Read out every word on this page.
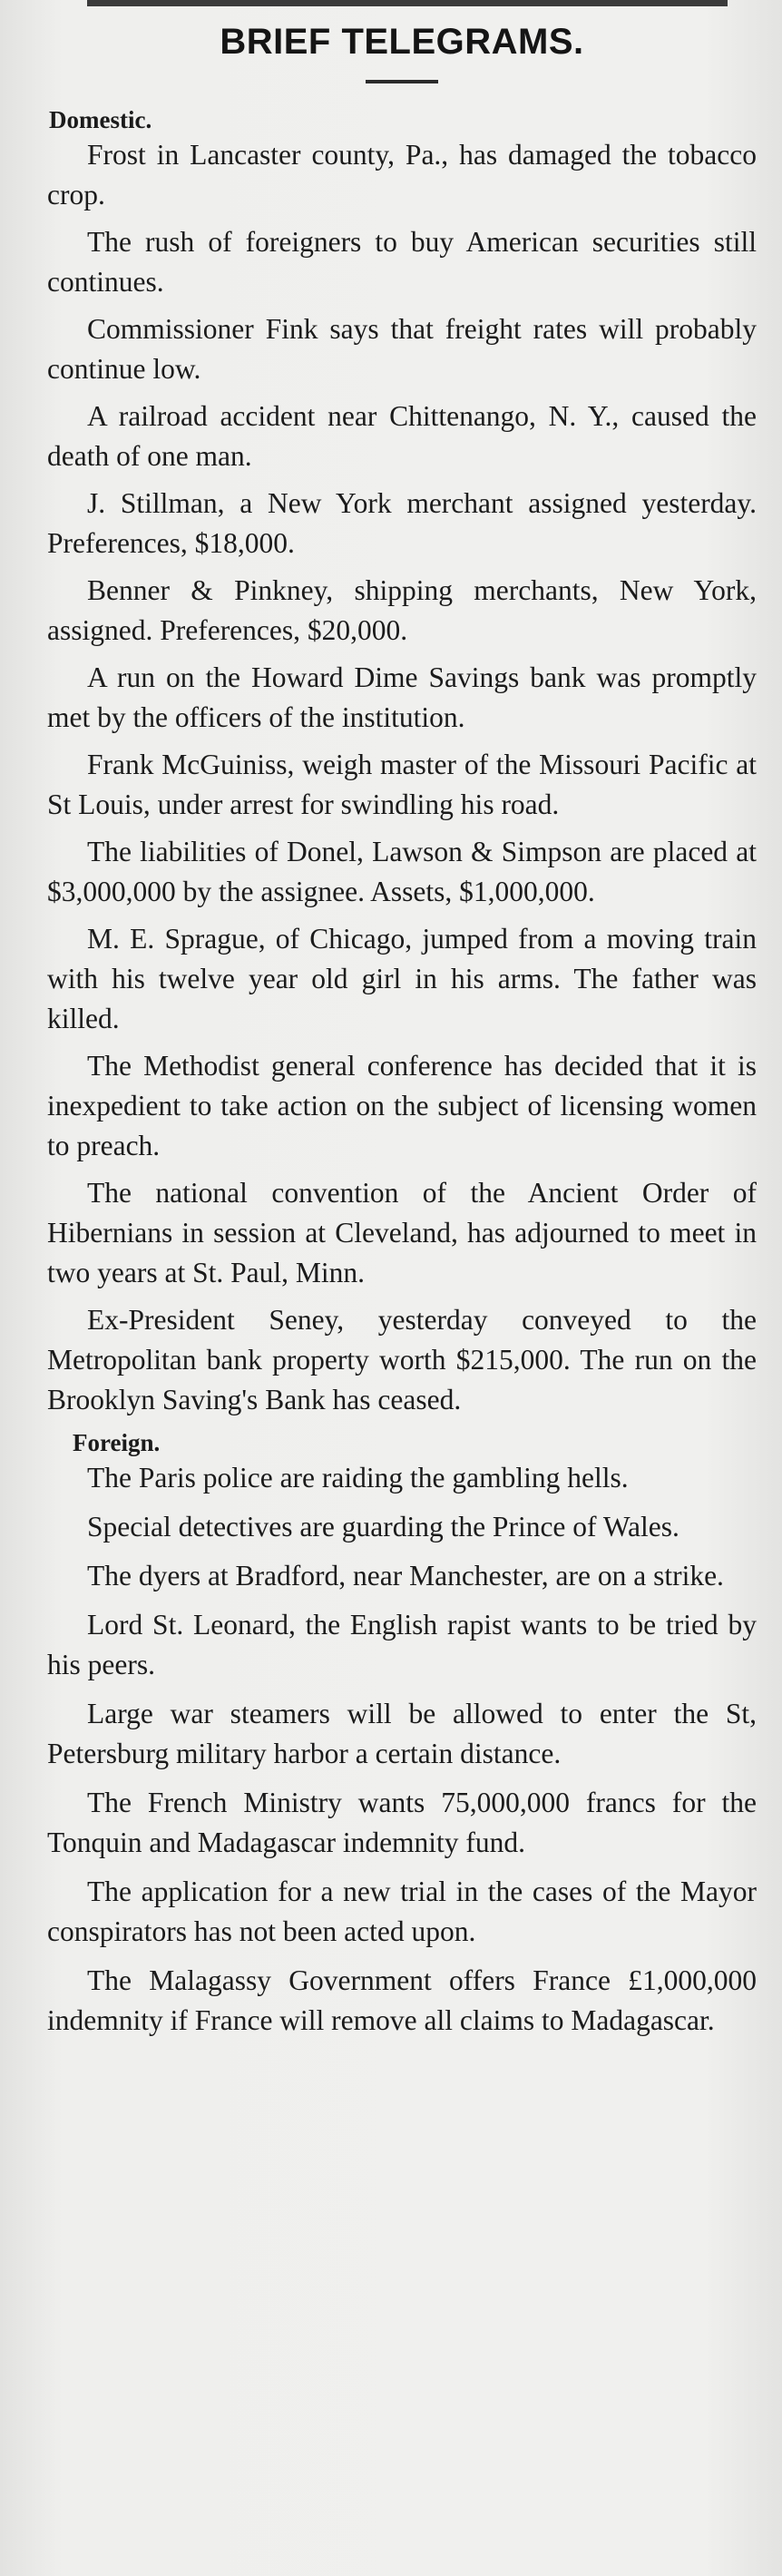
BRIEF TELEGRAMS.
Domestic.

Frost in Lancaster county, Pa., has damaged the tobacco crop.

The rush of foreigners to buy American securities still continues.

Commissioner Fink says that freight rates will probably continue low.

A railroad accident near Chittenango, N. Y., caused the death of one man.

J. Stillman, a New York merchant assigned yesterday. Preferences, $18,000.

Benner & Pinkney, shipping merchants, New York, assigned. Preferences, $20,000.

A run on the Howard Dime Savings bank was promptly met by the officers of the institution.

Frank McGuiniss, weigh master of the Missouri Pacific at St Louis, under arrest for swindling his road.

The liabilities of Donel, Lawson & Simpson are placed at $3,000,000 by the assignee. Assets, $1,000,000.

M. E. Sprague, of Chicago, jumped from a moving train with his twelve year old girl in his arms. The father was killed.

The Methodist general conference has decided that it is inexpedient to take action on the subject of licensing women to preach.

The national convention of the Ancient Order of Hibernians in session at Cleveland, has adjourned to meet in two years at St. Paul, Minn.

Ex-President Seney, yesterday conveyed to the Metropolitan bank property worth $215,000. The run on the Brooklyn Saving's Bank has ceased.

Foreign.

The Paris police are raiding the gambling hells.

Special detectives are guarding the Prince of Wales.

The dyers at Bradford, near Manchester, are on a strike.

Lord St. Leonard, the English rapist wants to be tried by his peers.

Large war steamers will be allowed to enter the St, Petersburg military harbor a certain distance.

The French Ministry wants 75,000,000 francs for the Tonquin and Madagascar indemnity fund.

The application for a new trial in the cases of the Mayor conspirators has not been acted upon.

The Malagassy Government offers France £1,000,000 indemnity if France will remove all claims to Madagascar.
